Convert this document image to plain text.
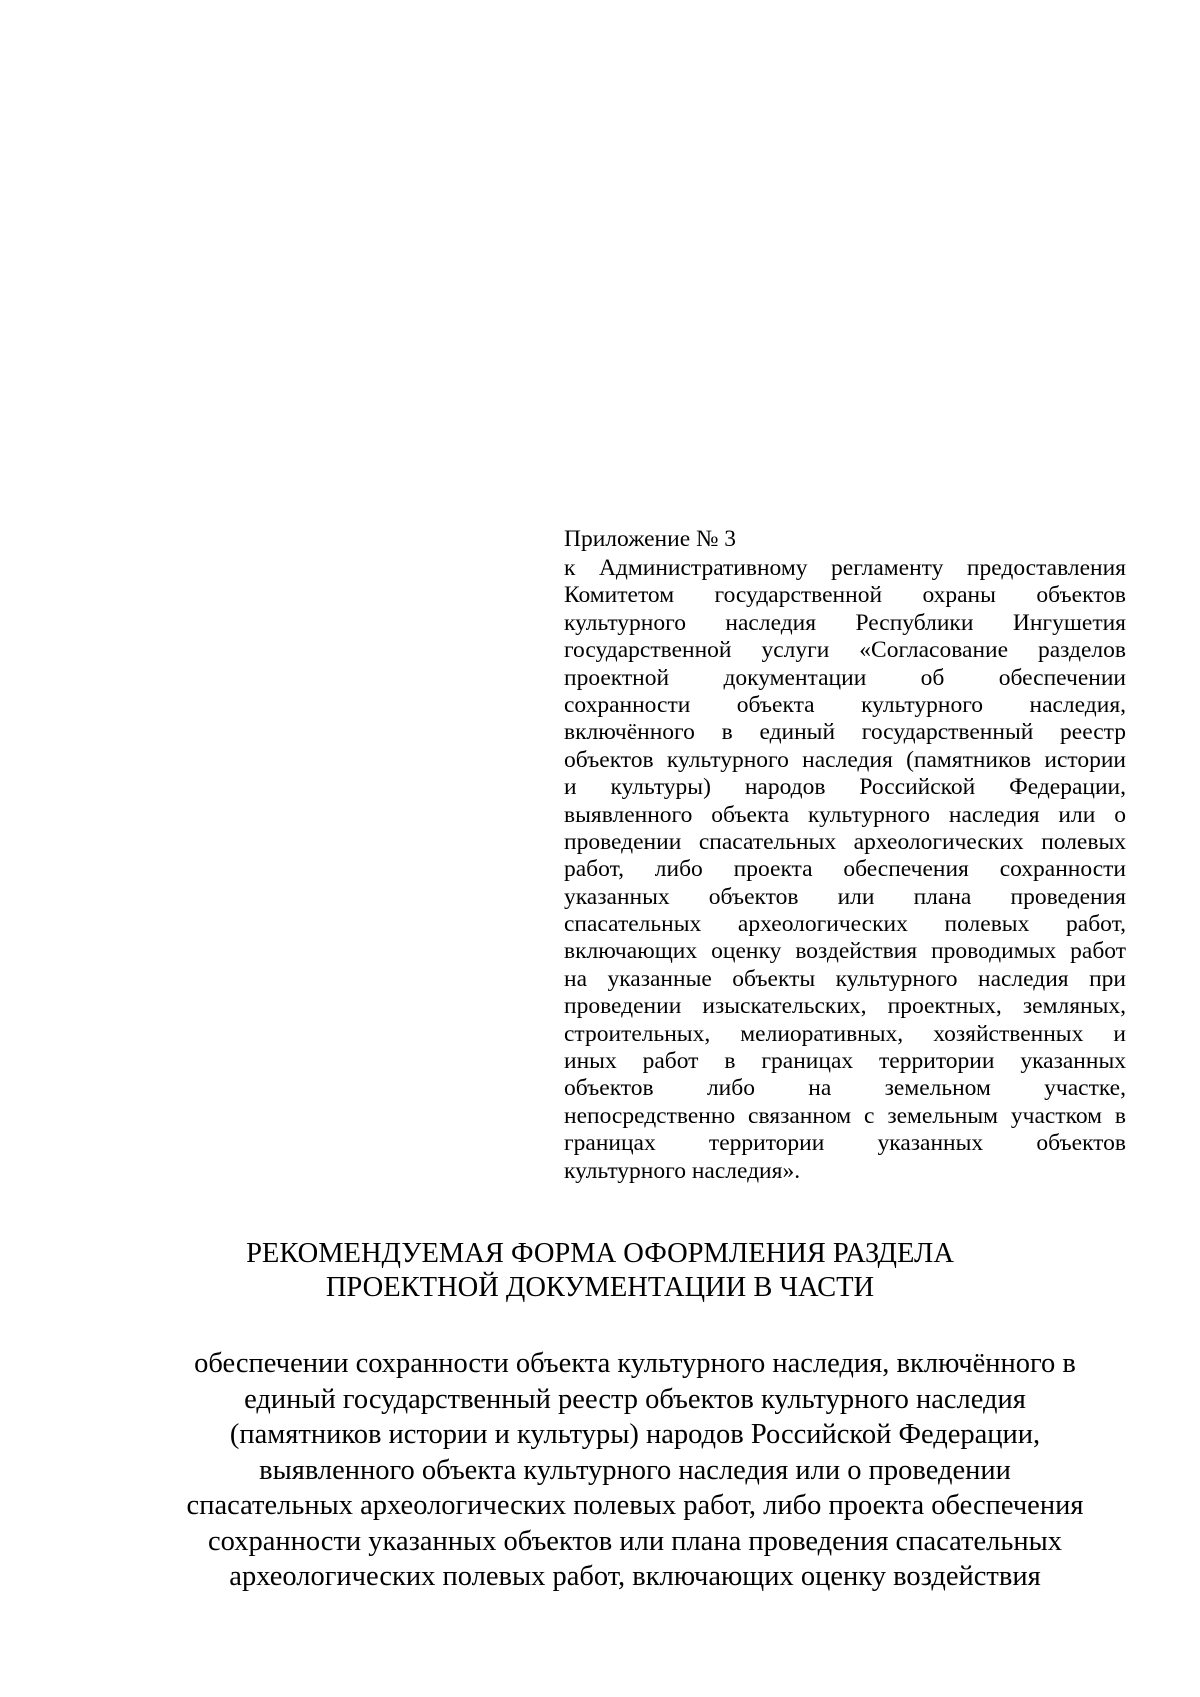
Приложение № 3
к Административному регламенту предоставления
Комитетом государственной охраны объектов
культурного наследия Республики Ингушетия
государственной услуги «Согласование разделов
проектной документации об обеспечении
сохранности объекта культурного наследия,
включённого в единый государственный реестр
объектов культурного наследия (памятников истории
и культуры) народов Российской Федерации,
выявленного объекта культурного наследия или о
проведении спасательных археологических полевых
работ, либо проекта обеспечения сохранности
указанных объектов или плана проведения
спасательных археологических полевых работ,
включающих оценку воздействия проводимых работ
на указанные объекты культурного наследия при
проведении изыскательских, проектных, земляных,
строительных, мелиоративных, хозяйственных и
иных работ в границах территории указанных
объектов либо на земельном участке,
непосредственно связанном с земельным участком в
границах территории указанных объектов
культурного наследия».
РЕКОМЕНДУЕМАЯ ФОРМА ОФОРМЛЕНИЯ РАЗДЕЛА
ПРОЕКТНОЙ ДОКУМЕНТАЦИИ В ЧАСТИ
обеспечении сохранности объекта культурного наследия, включённого в
единый государственный реестр объектов культурного наследия
(памятников истории и культуры) народов Российской Федерации,
выявленного объекта культурного наследия или о проведении
спасательных археологических полевых работ, либо проекта обеспечения
сохранности указанных объектов или плана проведения спасательных
археологических полевых работ, включающих оценку воздействия
